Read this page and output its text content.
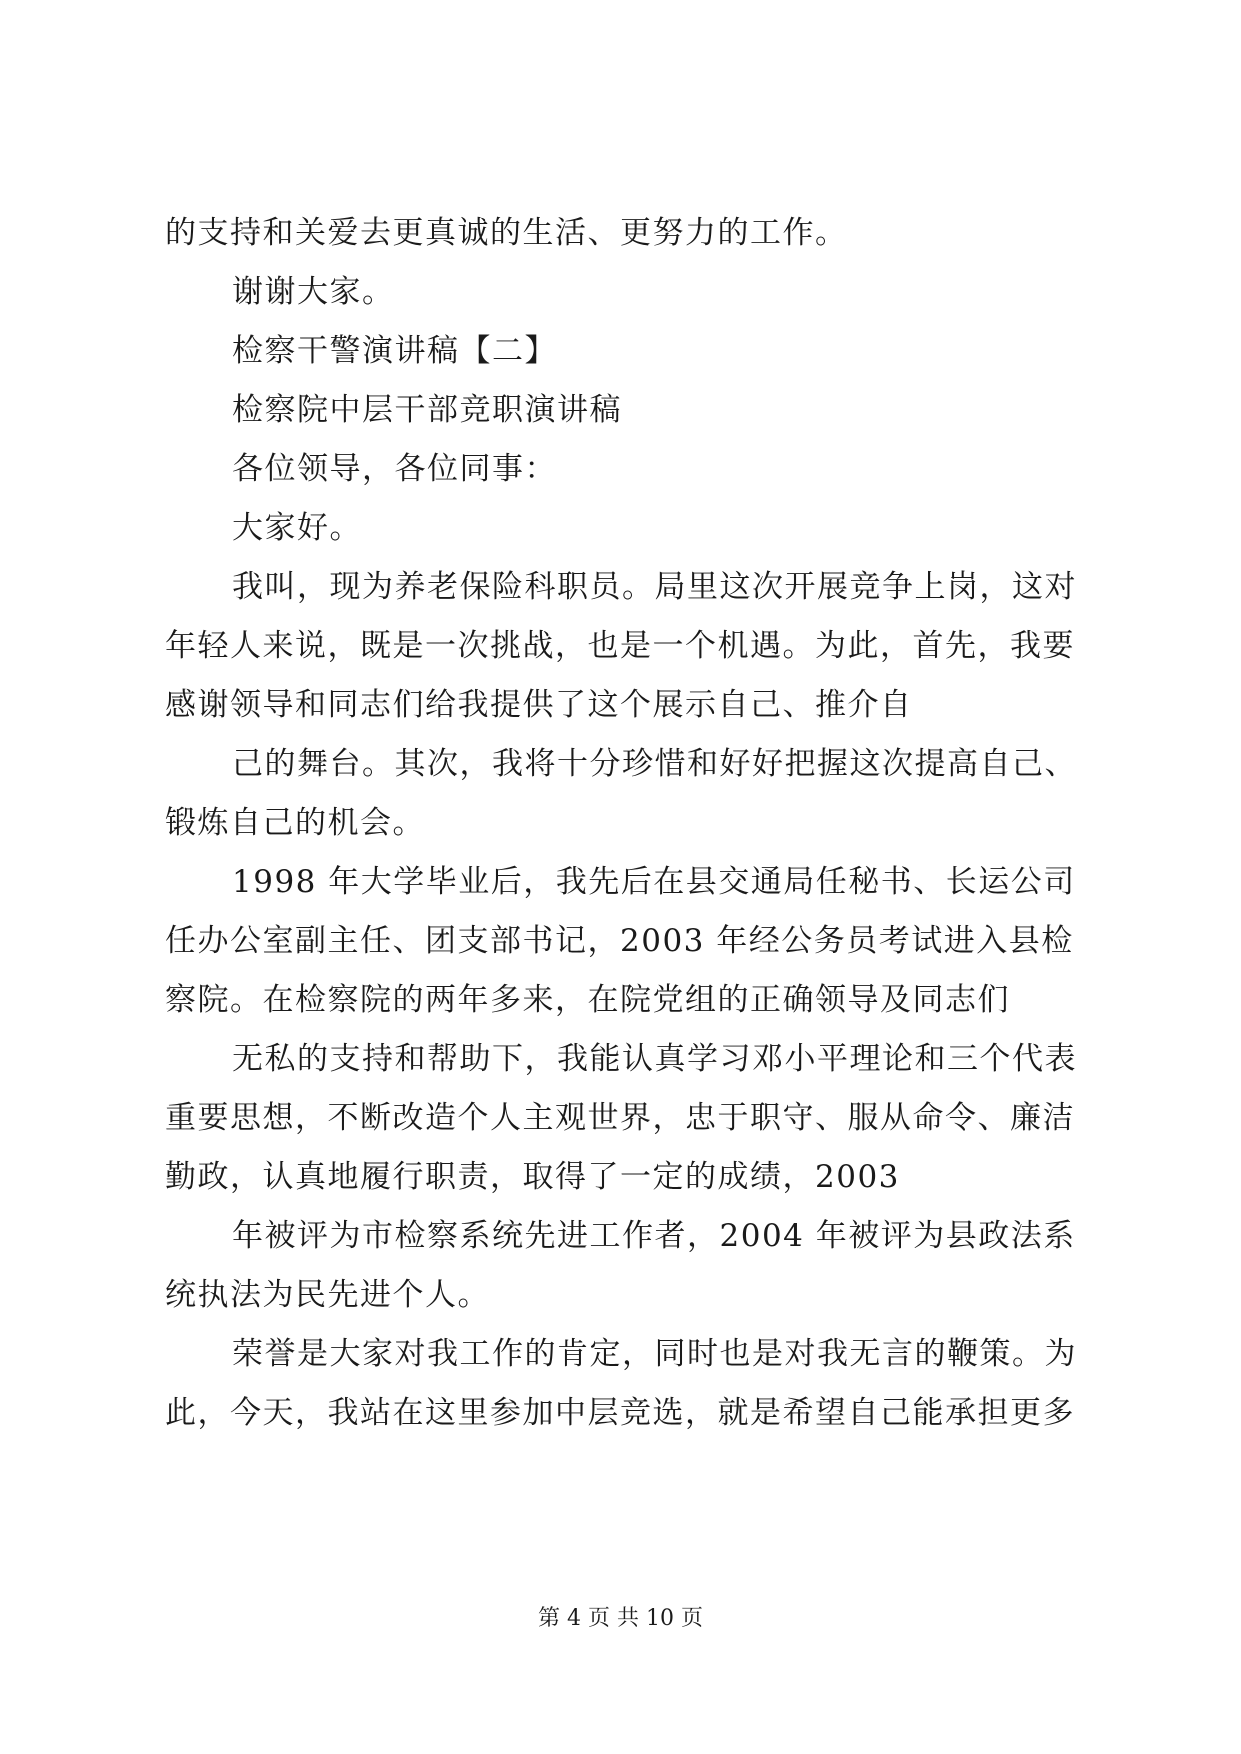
的支持和关爱去更真诚的生活、更努力的工作。
谢谢大家。
检察干警演讲稿【二】
检察院中层干部竞职演讲稿
各位领导，各位同事：
大家好。
我叫，现为养老保险科职员。局里这次开展竞争上岗，这对
年轻人来说，既是一次挑战，也是一个机遇。为此，首先，我要
感谢领导和同志们给我提供了这个展示自己、推介自
己的舞台。其次，我将十分珍惜和好好把握这次提高自己、
锻炼自己的机会。
1998 年大学毕业后，我先后在县交通局任秘书、长运公司
任办公室副主任、团支部书记，2003 年经公务员考试进入县检
察院。在检察院的两年多来，在院党组的正确领导及同志们
无私的支持和帮助下，我能认真学习邓小平理论和三个代表
重要思想，不断改造个人主观世界，忠于职守、服从命令、廉洁
勤政，认真地履行职责，取得了一定的成绩，2003
年被评为市检察系统先进工作者，2004 年被评为县政法系
统执法为民先进个人。
荣誉是大家对我工作的肯定，同时也是对我无言的鞭策。为
此，今天，我站在这里参加中层竞选，就是希望自己能承担更多
第 4 页 共 10 页
